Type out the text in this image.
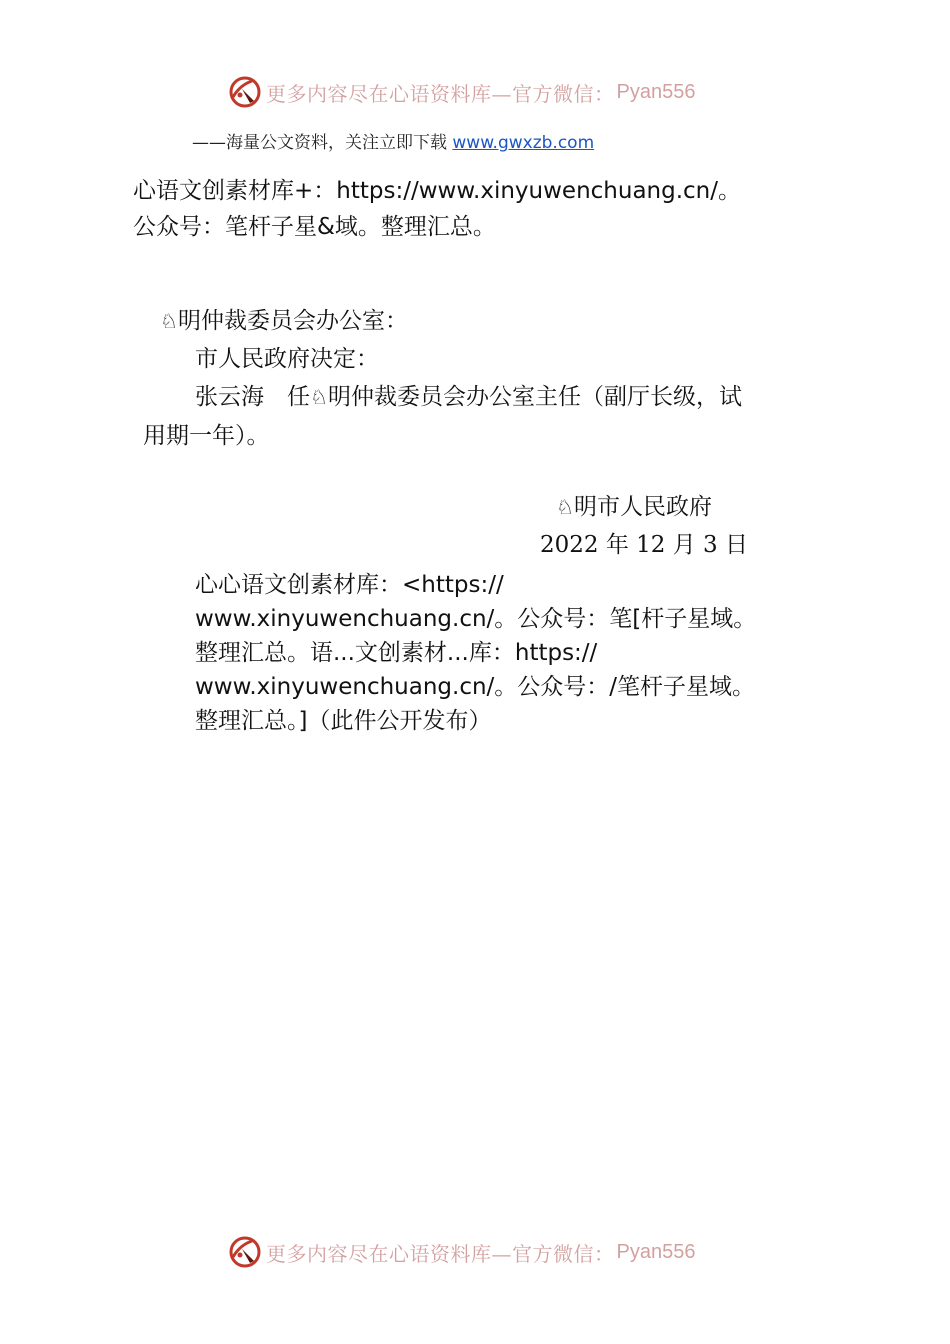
更多内容尽在心语资料库—官方微信： Pyan556
——海量公文资料，关注立即下载 www.gwxzb.com
心语文创素材库+：https://www.xinyuwenchuang.cn/。
公众号：笔杆子星&域。整理汇总。
♘明仲裁委员会办公室：
市人民政府决定：
张云海　任♘明仲裁委员会办公室主任（副厅长级，试
用期一年）。
♘明市人民政府
2022 年 12 月 3 日
心心语文创素材库：<https://
www.xinyuwenchuang.cn/。公众号：笔[杆子星域。
整理汇总。语...文创素材...库：https://
www.xinyuwenchuang.cn/。公众号：/笔杆子星域。
整理汇总。]（此件公开发布）
更多内容尽在心语资料库—官方微信： Pyan556
